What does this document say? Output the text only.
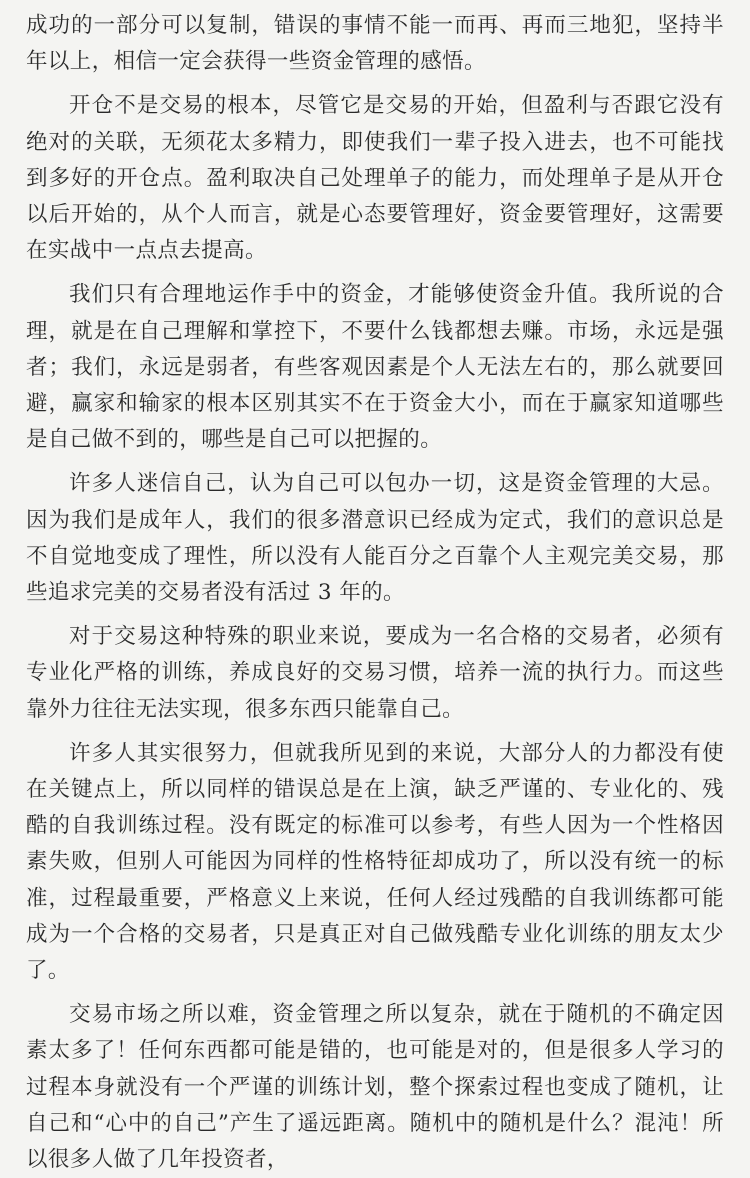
成功的一部分可以复制，错误的事情不能一而再、再而三地犯，坚持半年以上，相信一定会获得一些资金管理的感悟。

开仓不是交易的根本，尽管它是交易的开始，但盈利与否跟它没有绝对的关联，无须花太多精力，即使我们一辈子投入进去，也不可能找到多好的开仓点。盈利取决自己处理单子的能力，而处理单子是从开仓以后开始的，从个人而言，就是心态要管理好，资金要管理好，这需要在实战中一点点去提高。

我们只有合理地运作手中的资金，才能够使资金升值。我所说的合理，就是在自己理解和掌控下，不要什么钱都想去赚。市场，永远是强者；我们，永远是弱者，有些客观因素是个人无法左右的，那么就要回避，赢家和输家的根本区别其实不在于资金大小，而在于赢家知道哪些是自己做不到的，哪些是自己可以把握的。

许多人迷信自己，认为自己可以包办一切，这是资金管理的大忌。因为我们是成年人，我们的很多潜意识已经成为定式，我们的意识总是不自觉地变成了理性，所以没有人能百分之百靠个人主观完美交易，那些追求完美的交易者没有活过 3 年的。

对于交易这种特殊的职业来说，要成为一名合格的交易者，必须有专业化严格的训练，养成良好的交易习惯，培养一流的执行力。而这些靠外力往往无法实现，很多东西只能靠自己。

许多人其实很努力，但就我所见到的来说，大部分人的力都没有使在关键点上，所以同样的错误总是在上演，缺乏严谨的、专业化的、残酷的自我训练过程。没有既定的标准可以参考，有些人因为一个性格因素失败，但别人可能因为同样的性格特征却成功了，所以没有统一的标准，过程最重要，严格意义上来说，任何人经过残酷的自我训练都可能成为一个合格的交易者，只是真正对自己做残酷专业化训练的朋友太少了。

交易市场之所以难，资金管理之所以复杂，就在于随机的不确定因素太多了！任何东西都可能是错的，也可能是对的，但是很多人学习的过程本身就没有一个严谨的训练计划，整个探索过程也变成了随机，让自己和“心中的自己”产生了遥远距离。随机中的随机是什么？混沌！所以很多人做了几年投资者，
